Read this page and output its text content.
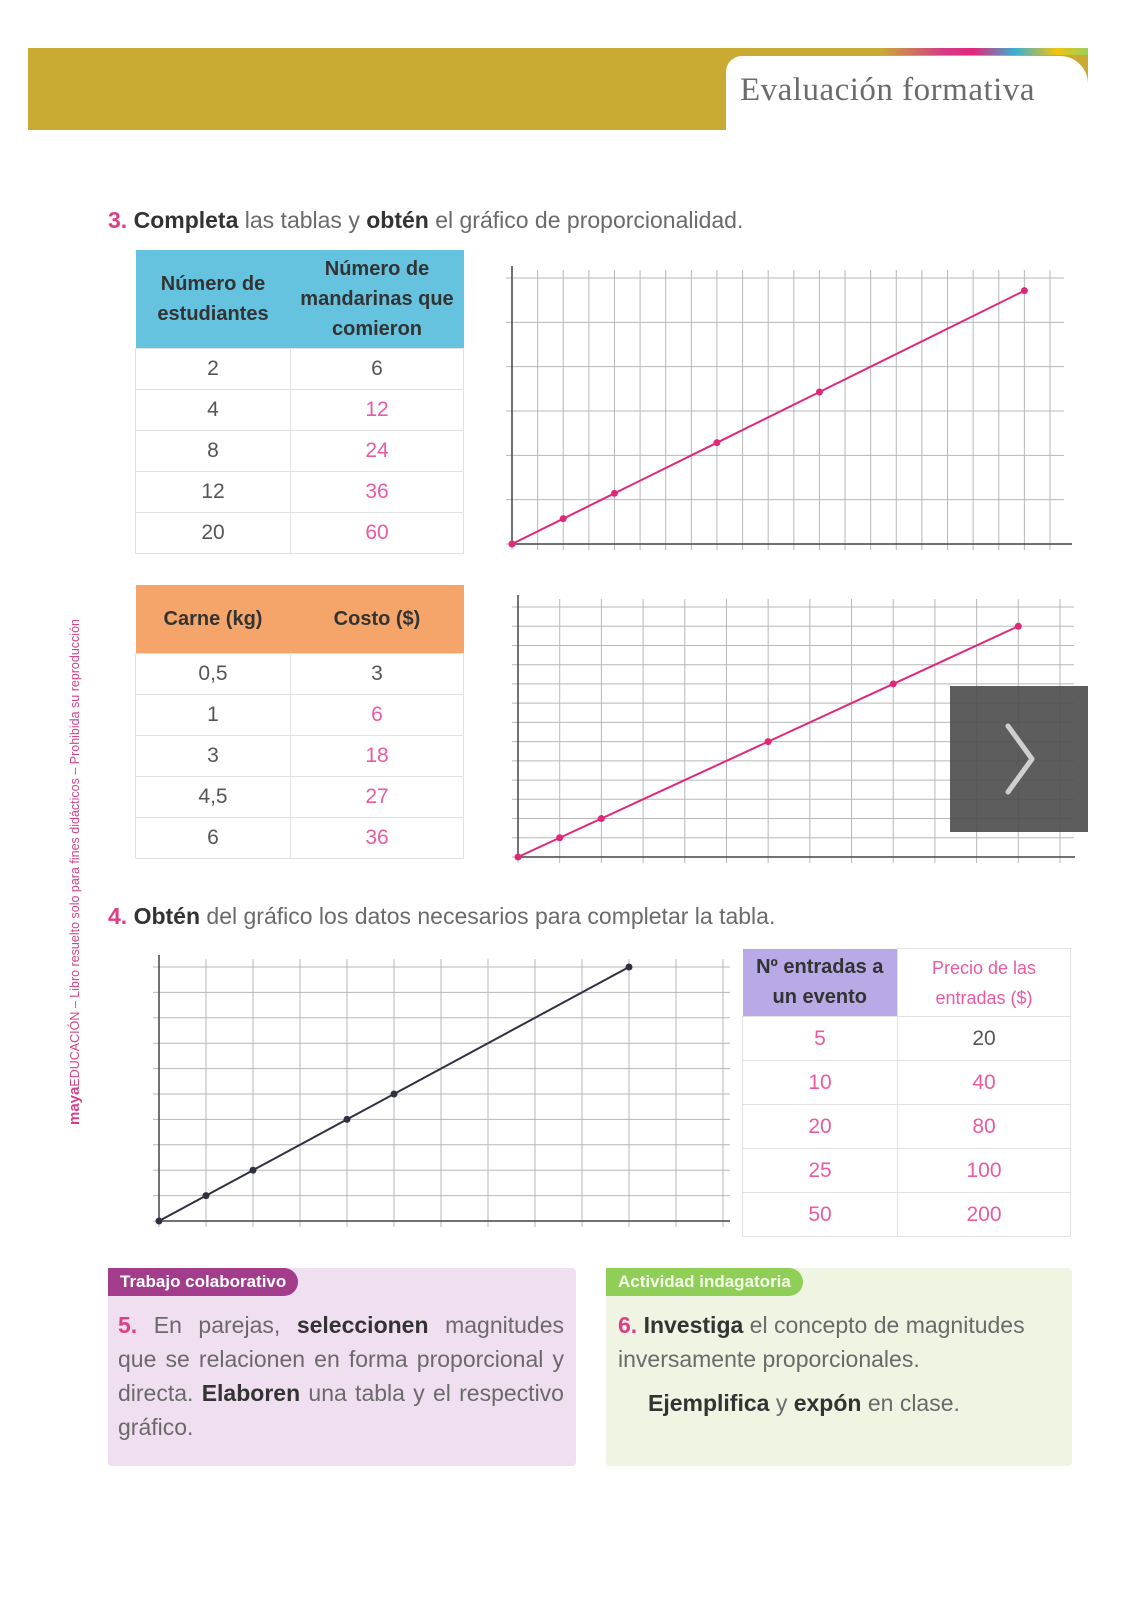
Evaluación formativa
mayaEDUCACIÓN – Libro resuelto solo para fines didácticos – Prohibida su reproducción
3. Completa las tablas y obtén el gráfico de proporcionalidad.
Número de estudiantes	Número de mandarinas que comieron
2	6
4	12
8	24
12	36
20	60
Carne (kg)	Costo ($)
0,5	3
1	6
3	18
4,5	27
6	36
4. Obtén del gráfico los datos necesarios para completar la tabla.
Nº entradas a un evento	Precio de las entradas ($)
5	20
10	40
20	80
25	100
50	200
Trabajo colaborativo
5. En parejas, seleccionen magnitudes que se relacionen en forma proporcional y directa. Elaboren una tabla y el respectivo gráfico.
Actividad indagatoria
6. Investiga el concepto de magnitudes inversamente proporcionales.
Ejemplifica y expón en clase.
